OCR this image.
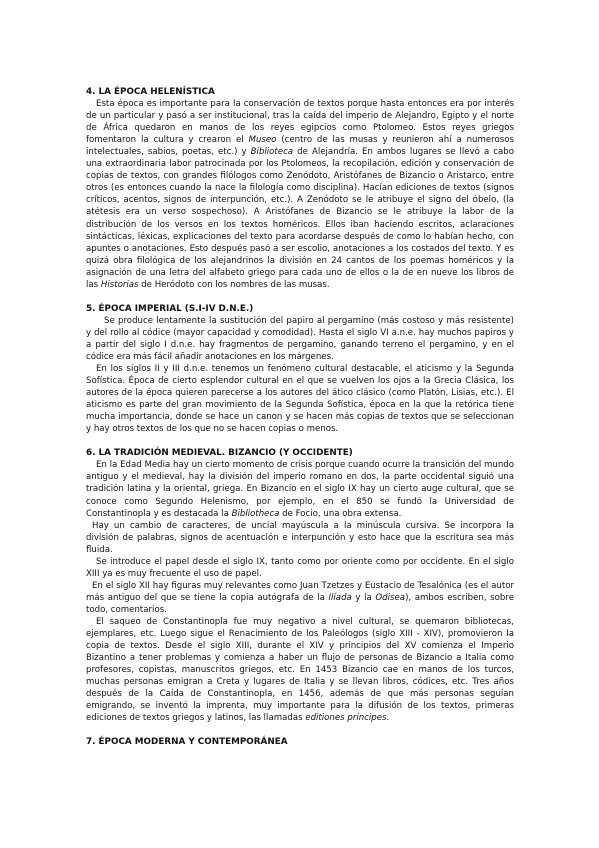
4. LA ÉPOCA HELENÍSTICA

Esta época es importante para la conservación de textos porque hasta entonces era por interés de un particular y pasó a ser institucional, tras la caída del imperio de Alejandro, Egipto y el norte de África quedaron en manos de los reyes egipcios como Ptolomeo. Estos reyes griegos fomentaron la cultura y crearon el Museo (centro de las musas y reunieron ahí a numerosos intelectuales, sabios, poetas, etc.) y Biblioteca de Alejandría. En ambos lugares se llevó a cabo una extraordinaria labor patrocinada por los Ptolomeos, la recopilación, edición y conservación de copias de textos, con grandes filólogos como Zenódoto, Aristófanes de Bizancio o Aristarco, entre otros (es entonces cuando la nace la filología como disciplina). Hacían ediciones de textos (signos críticos, acentos, signos de interpunción, etc.). A Zenódoto se le atribuye el signo del óbelo, (la atétesis era un verso sospechoso). A Aristófanes de Bizancio se le atribuye la labor de la distribución de los versos en los textos homéricos. Ellos iban haciendo escritos, aclaraciones sintácticas, léxicas, explicaciones del texto para acordarse después de como lo habían hecho, con apuntes o anotaciones. Esto después pasó a ser escolio, anotaciones a los costados del texto. Y es quizá obra filológica de los alejandrinos la división en 24 cantos de los poemas homéricos y la asignación de una letra del alfabeto griego para cada uno de ellos o la de en nueve los libros de las Historias de Heródoto con los nombres de las musas.

5. ÉPOCA IMPERIAL (S.I-IV D.N.E.)

Se produce lentamente la sustitución del papiro al pergamino (más costoso y más resistente) y del rollo al códice (mayor capacidad y comodidad). Hasta el siglo VI a.n.e. hay muchos papiros y a partir del siglo I d.n.e. hay fragmentos de pergamino, ganando terreno el pergamino, y en el códice era más fácil añadir anotaciones en los márgenes.

En los siglos II y III d.n.e. tenemos un fenómeno cultural destacable, el aticismo y la Segunda Sofística. Época de cierto esplendor cultural en el que se vuelven los ojos a la Grecia Clásica, los autores de la época quieren parecerse a los autores del ático clásico (como Platón, Lisias, etc.). El aticismo es parte del gran movimiento de la Segunda Sofística, época en la que la retórica tiene mucha importancia, donde se hace un canon y se hacen más copias de textos que se seleccionan y hay otros textos de los que no se hacen copias o menos.

6. LA TRADICIÓN MEDIEVAL. BIZANCIO (Y OCCIDENTE)

En la Edad Media hay un cierto momento de crisis porque cuando ocurre la transición del mundo antiguo y el medieval, hay la división del imperio romano en dos, la parte occidental siguió una tradición latina y la oriental, griega. En Bizancio en el siglo IX hay un cierto auge cultural, que se conoce como Segundo Helenismo, por ejemplo, en el 850 se fundó la Universidad de Constantinopla y es destacada la Bibliotheca de Focio, una obra extensa.

Hay un cambio de caracteres, de uncial mayúscula a la minúscula cursiva. Se incorpora la división de palabras, signos de acentuación e interpunción y esto hace que la escritura sea más fluida.

Se introduce el papel desde el siglo IX, tanto como por oriente como por occidente. En el siglo XIII ya es muy frecuente el uso de papel.

En el siglo XII hay figuras muy relevantes como Juan Tzetzes y Eustacio de Tesalónica (es el autor más antiguo del que se tiene la copia autógrafa de la Ilíada y la Odisea), ambos escriben, sobre todo, comentarios.

El saqueo de Constantinopla fue muy negativo a nivel cultural, se quemaron bibliotecas, ejemplares, etc. Luego sigue el Renacimiento de los Paleólogos (siglo XIII - XIV), promovieron la copia de textos. Desde el siglo XIII, durante el XIV y principios del XV comienza el Imperio Bizantino a tener problemas y comienza a haber un flujo de personas de Bizancio a Italia como profesores, copistas, manuscritos griegos, etc. En 1453 Bizancio cae en manos de los turcos, muchas personas emigran a Creta y lugares de Italia y se llevan libros, códices, etc. Tres años después de la Caída de Constantinopla, en 1456, además de que más personas seguían emigrando, se inventó la imprenta, muy importante para la difusión de los textos, primeras ediciones de textos griegos y latinos, las llamadas editiones principes.

7. ÉPOCA MODERNA Y CONTEMPORÁNEA
